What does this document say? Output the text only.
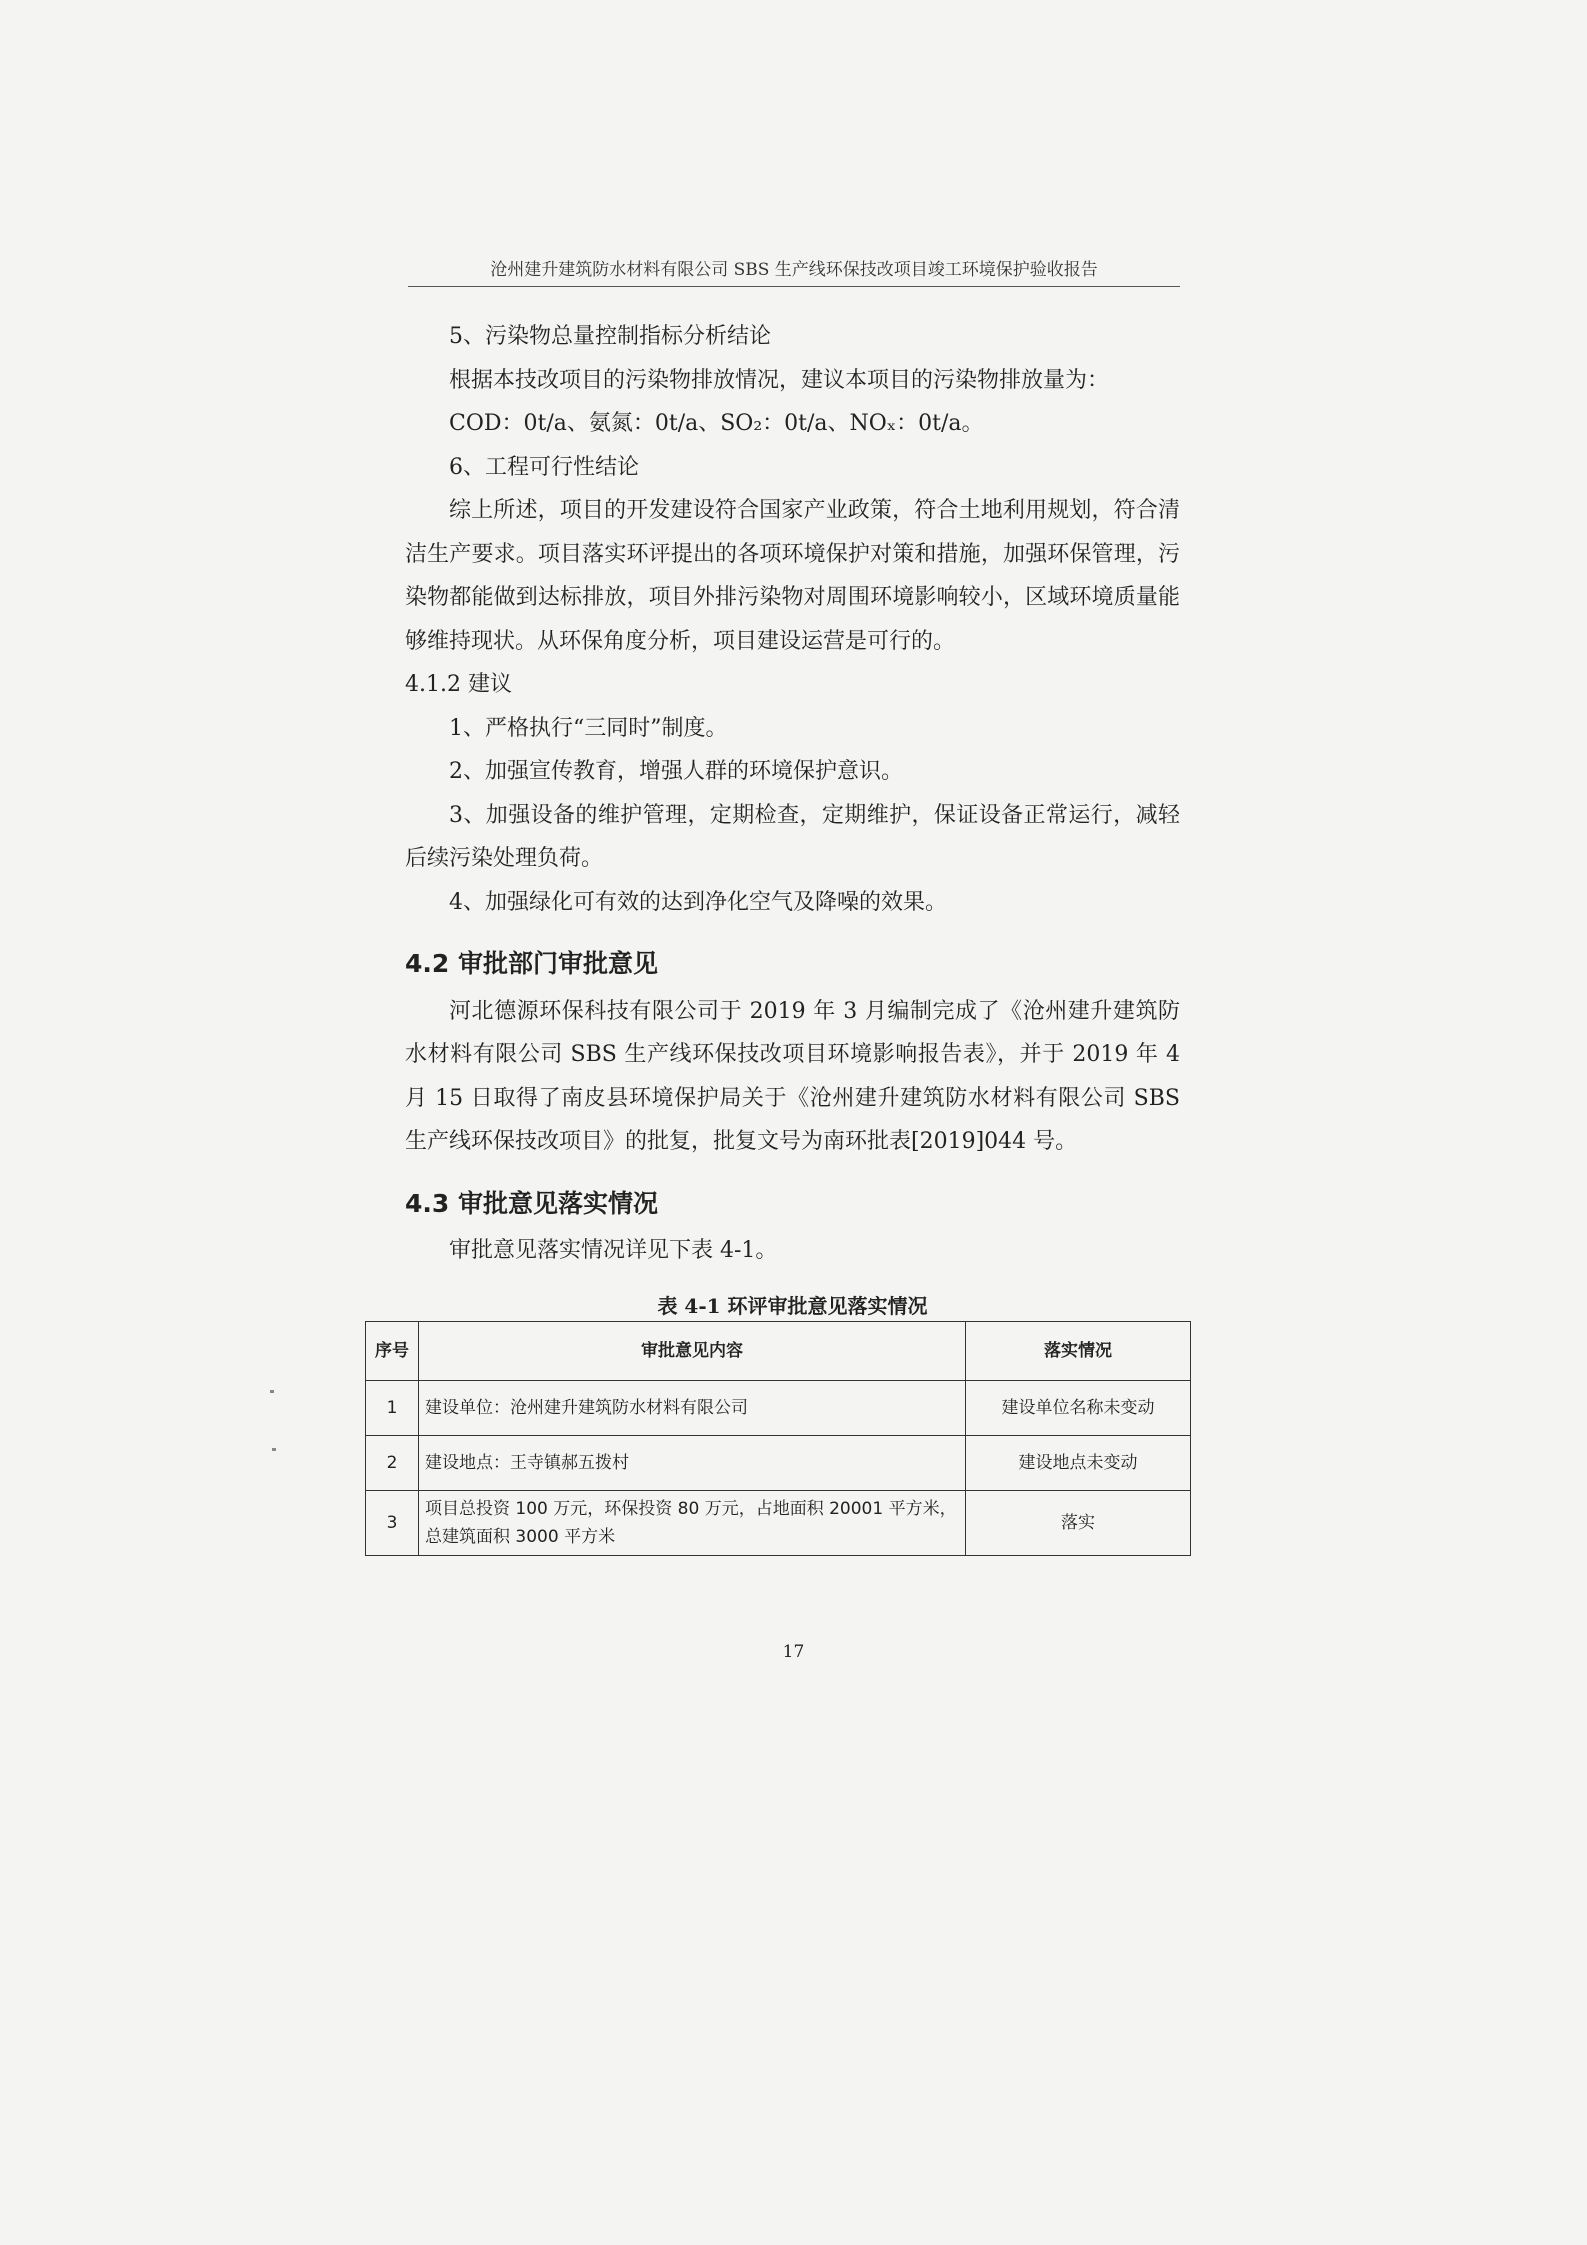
沧州建升建筑防水材料有限公司 SBS 生产线环保技改项目竣工环境保护验收报告

5、污染物总量控制指标分析结论

根据本技改项目的污染物排放情况，建议本项目的污染物排放量为：

COD：0t/a、氨氮：0t/a、SO₂：0t/a、NOₓ：0t/a。

6、工程可行性结论

综上所述，项目的开发建设符合国家产业政策，符合土地利用规划，符合清洁生产要求。项目落实环评提出的各项环境保护对策和措施，加强环保管理，污染物都能做到达标排放，项目外排污染物对周围环境影响较小，区域环境质量能够维持现状。从环保角度分析，项目建设运营是可行的。

4.1.2 建议

1、严格执行“三同时”制度。

2、加强宣传教育，增强人群的环境保护意识。

3、加强设备的维护管理，定期检查，定期维护，保证设备正常运行，减轻后续污染处理负荷。

4、加强绿化可有效的达到净化空气及降噪的效果。

4.2 审批部门审批意见

河北德源环保科技有限公司于 2019 年 3 月编制完成了《沧州建升建筑防水材料有限公司 SBS 生产线环保技改项目环境影响报告表》，并于 2019 年 4 月 15 日取得了南皮县环境保护局关于《沧州建升建筑防水材料有限公司 SBS 生产线环保技改项目》的批复，批复文号为南环批表[2019]044 号。

4.3 审批意见落实情况

审批意见落实情况详见下表 4-1。

表 4-1 环评审批意见落实情况
序号	审批意见内容	落实情况
1	建设单位：沧州建升建筑防水材料有限公司	建设单位名称未变动
2	建设地点：王寺镇郝五拨村	建设地点未变动
3	项目总投资 100 万元，环保投资 80 万元，占地面积 20001 平方米，总建筑面积 3000 平方米	落实
17
